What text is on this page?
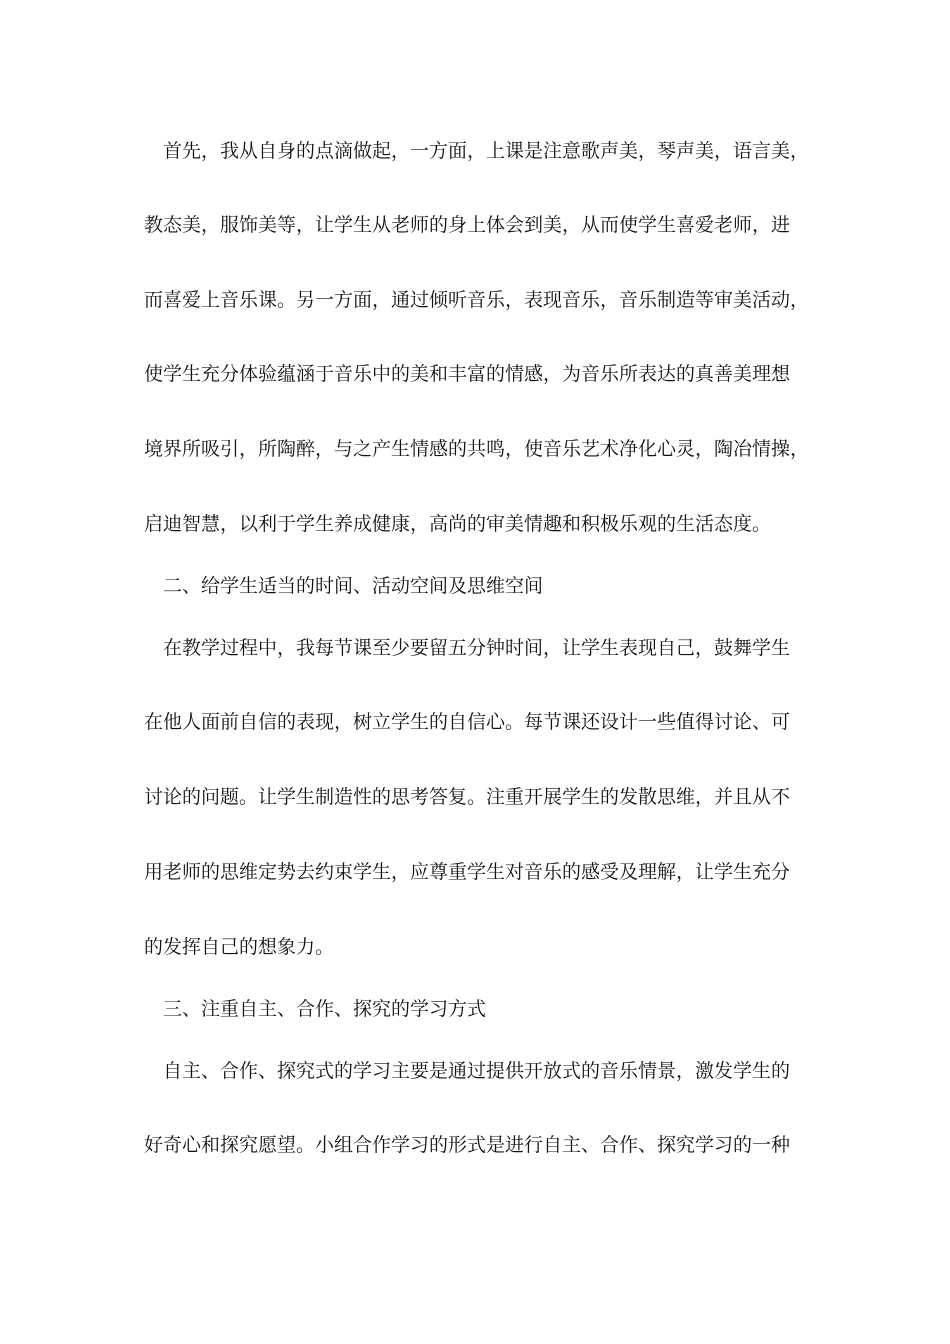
首先，我从自身的点滴做起，一方面，上课是注意歌声美，琴声美，语言美，
教态美，服饰美等，让学生从老师的身上体会到美，从而使学生喜爱老师，进
而喜爱上音乐课。另一方面，通过倾听音乐，表现音乐，音乐制造等审美活动，
使学生充分体验蕴涵于音乐中的美和丰富的情感，为音乐所表达的真善美理想
境界所吸引，所陶醉，与之产生情感的共鸣，使音乐艺术净化心灵，陶冶情操，
启迪智慧，以利于学生养成健康，高尚的审美情趣和积极乐观的生活态度。
二、给学生适当的时间、活动空间及思维空间
在教学过程中，我每节课至少要留五分钟时间，让学生表现自己，鼓舞学生
在他人面前自信的表现，树立学生的自信心。每节课还设计一些值得讨论、可
讨论的问题。让学生制造性的思考答复。注重开展学生的发散思维，并且从不
用老师的思维定势去约束学生，应尊重学生对音乐的感受及理解，让学生充分
的发挥自己的想象力。
三、注重自主、合作、探究的学习方式
自主、合作、探究式的学习主要是通过提供开放式的音乐情景，激发学生的
好奇心和探究愿望。小组合作学习的形式是进行自主、合作、探究学习的一种
